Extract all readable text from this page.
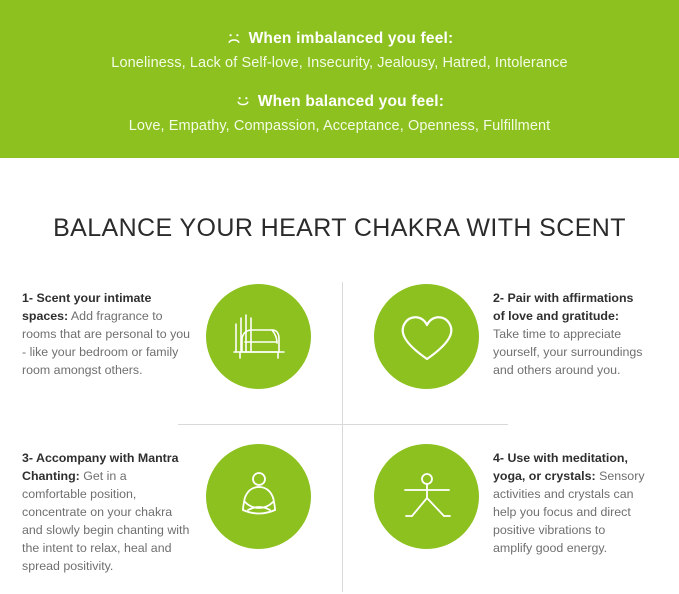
When imbalanced you feel:
Loneliness, Lack of Self-love, Insecurity, Jealousy, Hatred, Intolerance
When balanced you feel:
Love, Empathy, Compassion, Acceptance, Openness, Fulfillment
BALANCE YOUR HEART CHAKRA WITH SCENT
1- Scent your intimate spaces: Add fragrance to rooms that are personal to you - like your bedroom or family room amongst others.
2- Pair with affirmations of love and gratitude: Take time to appreciate yourself, your surroundings and others around you.
3- Accompany with Mantra Chanting: Get in a comfortable position, concentrate on your chakra and slowly begin chanting with the intent to relax, heal and spread positivity.
4- Use with meditation, yoga, or crystals: Sensory activities and crystals can help you focus and direct positive vibrations to amplify good energy.
